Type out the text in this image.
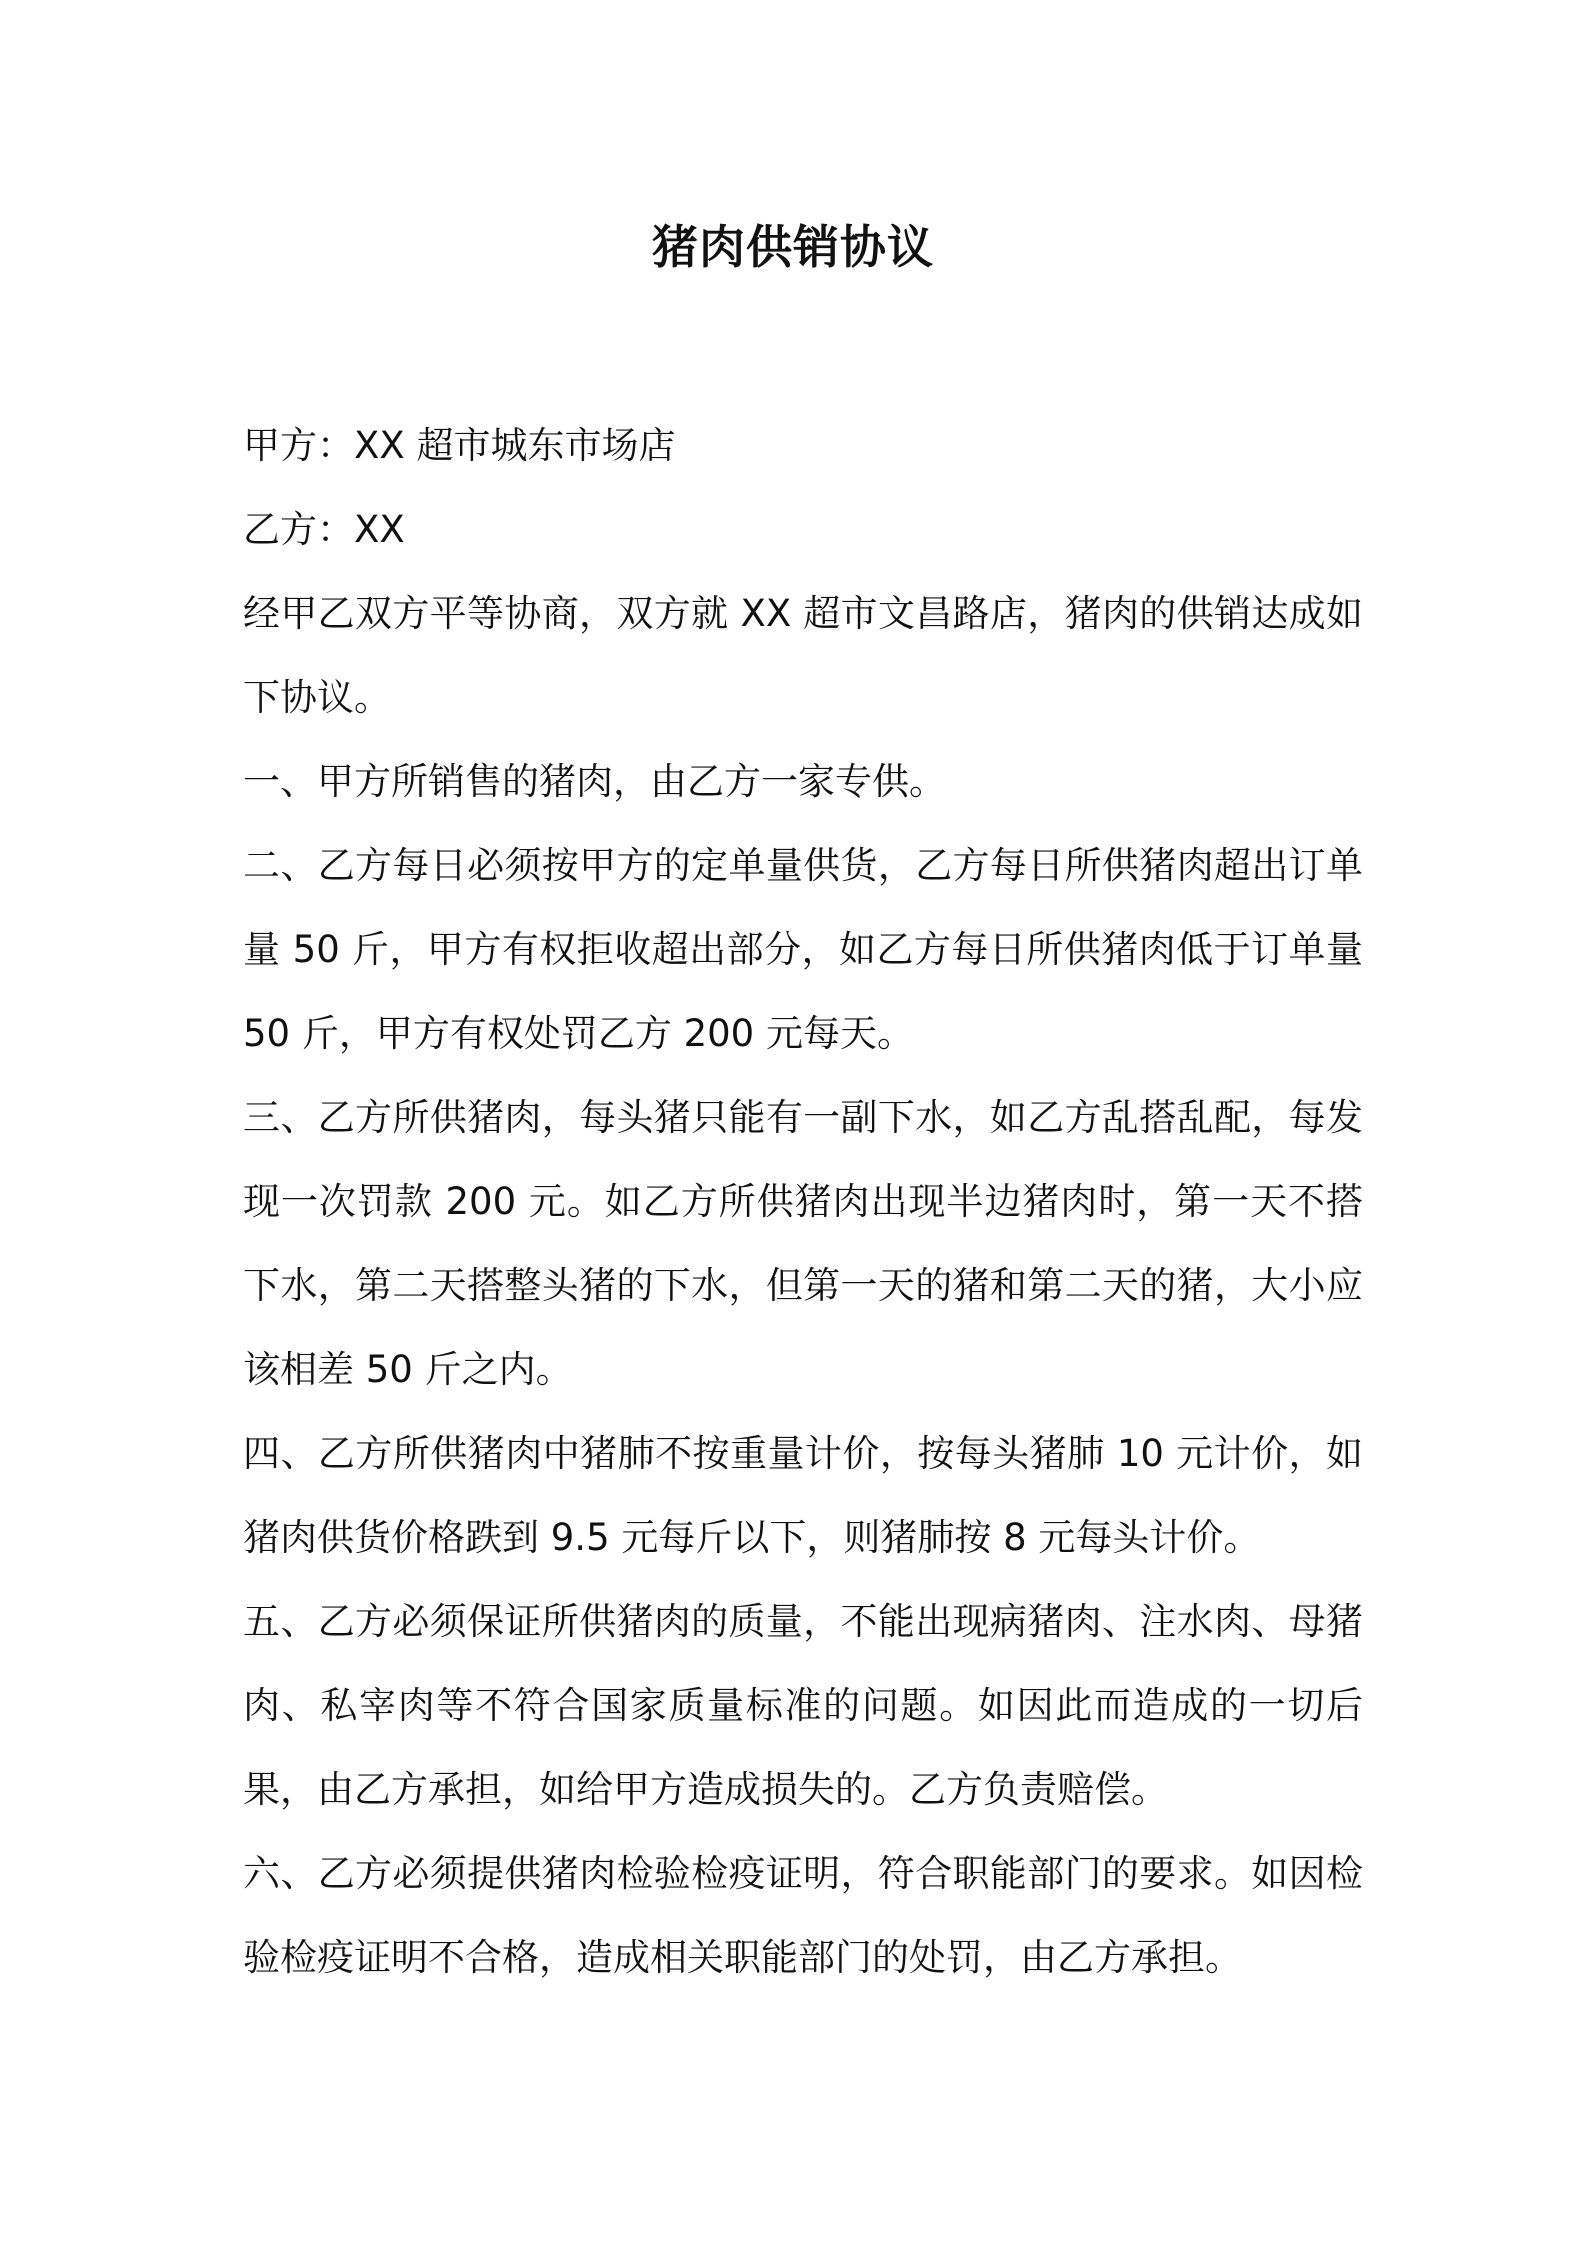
猪肉供销协议

甲方：XX 超市城东市场店

乙方：XX

经甲乙双方平等协商，双方就 XX 超市文昌路店，猪肉的供销达成如下协议。

一、甲方所销售的猪肉，由乙方一家专供。

二、乙方每日必须按甲方的定单量供货，乙方每日所供猪肉超出订单量 50 斤，甲方有权拒收超出部分，如乙方每日所供猪肉低于订单量 50 斤，甲方有权处罚乙方 200 元每天。

三、乙方所供猪肉，每头猪只能有一副下水，如乙方乱搭乱配，每发现一次罚款 200 元。如乙方所供猪肉出现半边猪肉时，第一天不搭下水，第二天搭整头猪的下水，但第一天的猪和第二天的猪，大小应该相差 50 斤之内。

四、乙方所供猪肉中猪肺不按重量计价，按每头猪肺 10 元计价，如猪肉供货价格跌到 9.5 元每斤以下，则猪肺按 8 元每头计价。

五、乙方必须保证所供猪肉的质量，不能出现病猪肉、注水肉、母猪肉、私宰肉等不符合国家质量标准的问题。如因此而造成的一切后果，由乙方承担，如给甲方造成损失的。乙方负责赔偿。

六、乙方必须提供猪肉检验检疫证明，符合职能部门的要求。如因检验检疫证明不合格，造成相关职能部门的处罚，由乙方承担。
